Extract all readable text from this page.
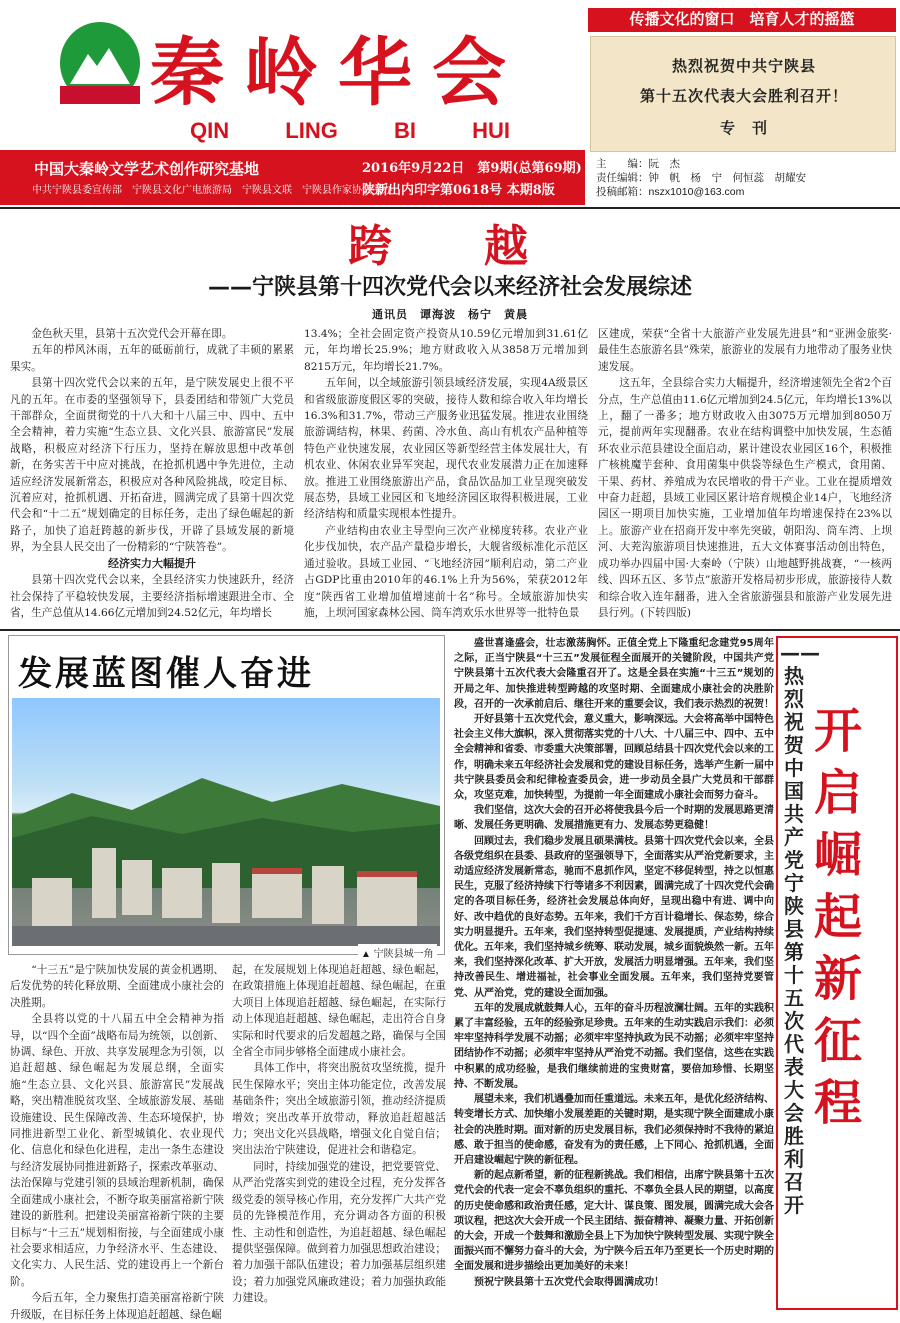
秦岭华会
QIN	LING	BI	HUI
中国大秦岭文学艺术创作研究基地
中共宁陕县委宣传部　宁陕县文化广电旅游局　宁陕县文联　宁陕县作家协会主办
2016年9月22日　第9期(总第69期)
陕新出内印字第0618号 本期8版
传播文化的窗口　培育人才的摇篮
热烈祝贺中共宁陕县
第十五次代表大会胜利召开！
专　刊
主　　编：阮　杰
责任编辑：钟　帆　杨　宁　何恒蕊　胡耀安
投稿邮箱：nszx1010@163.com
跨　越
——宁陕县第十四次党代会以来经济社会发展综述
通讯员　谭海波　杨宁　黄晨

金色秋天里，县第十五次党代会开幕在即。

五年的栉风沐雨，五年的砥砺前行，成就了丰硕的累累果实。

县第十四次党代会以来的五年，是宁陕发展史上很不平凡的五年。在市委的坚强领导下，县委团结和带领广大党员干部群众，全面贯彻党的十八大和十八届三中、四中、五中全会精神，着力实施“生态立县、文化兴县、旅游富民”发展战略，积极应对经济下行压力，坚持在解放思想中改革创新，在务实苦干中应对挑战，在抢抓机遇中争先进位，主动适应经济发展新常态，积极应对各种风险挑战，咬定目标、沉着应对，抢抓机遇、开拓奋进，圆满完成了县第十四次党代会和“十二五”规划确定的目标任务，走出了绿色崛起的新路子，加快了追赶跨越的新步伐，开辟了县域发展的新境界，为全县人民交出了一份精彩的“宁陕答卷”。

经济实力大幅提升

县第十四次党代会以来，全县经济实力快速跃升，经济社会保持了平稳较快发展，主要经济指标增速跟进全市、全省，生产总值从14.66亿元增加到24.52亿元，年均增长

13.4%；全社会固定资产投资从10.59亿元增加到31.61亿元，年均增长25.9%；地方财政收入从3858万元增加到8215万元，年均增长21.7%。

五年间，以全域旅游引领县域经济发展，实现4A级景区和省级旅游度假区零的突破，接待人数和综合收入年均增长16.3%和31.7%，带动三产服务业迅猛发展。推进农业围绕旅游调结构，林果、药菌、冷水鱼、高山有机农产品种植等特色产业快速发展，农业园区等新型经营主体发展壮大，有机农业、休闲农业异军突起，现代农业发展潜力正在加速释放。推进工业围绕旅游出产品，食品饮品加工业呈现突破发展态势，县域工业园区和飞地经济园区取得积极进展，工业经济结构和质量实现根本性提升。

产业结构由农业主导型向三次产业梯度转移。农业产业化步伐加快，农产品产量稳步增长，大舰省级标准化示范区通过验收。县域工业园、“飞地经济园”顺利启动，第二产业占GDP比重由2010年的46.1%上升为56%，荣获2012年度“陕西省工业增加值增速前十名”称号。全域旅游加快实施，上坝河国家森林公园、筒车湾欢乐水世界等一批特色景

区建成，荣获“全省十大旅游产业发展先进县”和“亚洲金旅奖·最佳生态旅游名县”殊荣，旅游业的发展有力地带动了服务业快速发展。

这五年，全县综合实力大幅提升，经济增速领先全省2个百分点，生产总值由11.6亿元增加到24.5亿元，年均增长13%以上，翻了一番多；地方财政收入由3075万元增加到8050万元，提前两年实现翻番。农业在结构调整中加快发展，生态循环农业示范县建设全面启动，累计建设农业园区16个，积极推广核桃魔芋套种、食用菌集中供袋等绿色生产模式，食用菌、干果、药材、养殖成为农民增收的骨干产业。工业在提质增效中奋力赶超，县域工业园区累计培育规模企业14户，飞地经济园区一期项目加快实施，工业增加值年均增速保持在23%以上。旅游产业在招商开发中率先突破，朝阳沟、筒车湾、上坝河、大茺沟旅游项目快速推进，五大文体赛事活动创出特色，成功举办四届中国·大秦岭（宁陕）山地越野挑战赛，“一核两线、四环五区、多节点”旅游开发格局初步形成，旅游接待人数和综合收入连年翻番，进入全省旅游强县和旅游产业发展先进县行列。(下转四版)

发展蓝图催人奋进
▲ 宁陕县城一角

“十三五”是宁陕加快发展的黄金机遇期、后发优势的转化释放期、全面建成小康社会的决胜期。

全县将以党的十八届五中全会精神为指导，以“四个全面”战略布局为统领，以创新、协调、绿色、开放、共享发展理念为引领，以追赶超越、绿色崛起为发展总纲，全面实施“生态立县、文化兴县、旅游富民”发展战略，突出精准脱贫攻坚、全域旅游发展、基础设施建设、民生保障改善、生态环境保护，协同推进新型工业化、新型城镇化、农业现代化、信息化和绿色化进程，走出一条生态建设与经济发展协同推进新路子，探索改革驱动、法治保障与党建引领的县域治理新机制，确保全面建成小康社会，不断夺取美丽富裕新宁陕建设的新胜利。把建设美丽富裕新宁陕的主要目标与“十三五”规划相衔接，与全面建成小康社会要求相适应，力争经济水平、生态建设、文化实力、人民生活、党的建设再上一个新台阶。

今后五年，全力聚焦打造美丽富裕新宁陕升级版，在目标任务上体现追赶超越、绿色崛

起，在发展规划上体现追赶超越、绿色崛起，在政策措施上体现追赶超越、绿色崛起，在重大项目上体现追赶超越、绿色崛起，在实际行动上体现追赶超越、绿色崛起，走出符合自身实际和时代要求的后发超越之路，确保与全国全省全市同步够格全面建成小康社会。

具体工作中，将突出脱贫攻坚统揽，提升民生保障水平；突出主体功能定位，改善发展基础条件；突出全域旅游引领，推动经济提质增效；突出改革开放带动，释放追赶超越活力；突出文化兴县战略，增强文化自觉自信；突出法治宁陕建设，促进社会和谐稳定。

同时，持续加强党的建设，把党要管党、从严治党落实到党的建设全过程，充分发挥各级党委的领导核心作用，充分发挥广大共产党员的先锋模范作用，充分调动各方面的积极性、主动性和创造性，为追赶超越、绿色崛起提供坚强保障。做到着力加强思想政治建设；着力加强干部队伍建设；着力加强基层组织建设；着力加强党风廉政建设；着力加强执政能力建设。

盛世喜逢盛会，壮志激荡胸怀。正值全党上下隆重纪念建党95周年之际，正当宁陕县“十三五”发展征程全面展开的关键阶段，中国共产党宁陕县第十五次代表大会隆重召开了。这是全县在实施“十三五”规划的开局之年、加快推进转型跨越的攻坚时期、全面建成小康社会的决胜阶段，召开的一次承前启后、继往开来的重要会议，我们表示热烈的祝贺！

开好县第十五次党代会，意义重大，影响深远。大会将高举中国特色社会主义伟大旗帜，深入贯彻落实党的十八大、十八届三中、四中、五中全会精神和省委、市委重大决策部署，回顾总结县十四次党代会以来的工作，明确未来五年经济社会发展和党的建设目标任务，选举产生新一届中共宁陕县委员会和纪律检查委员会，进一步动员全县广大党员和干部群众，攻坚克难，加快转型，为提前一年全面建成小康社会而努力奋斗。

我们坚信，这次大会的召开必将使我县今后一个时期的发展思路更清晰、发展任务更明确、发展措施更有力、发展态势更稳健！

回顾过去，我们稳步发展且硕果满枝。县第十四次党代会以来，全县各级党组织在县委、县政府的坚强领导下，全面落实从严治党新要求，主动适应经济发展新常态，驰而不息抓作风，坚定不移促转型，持之以恒惠民生，克服了经济持续下行等诸多不利因素，圆满完成了十四次党代会确定的各项目标任务，经济社会发展总体向好，呈现出稳中有进、调中向好、改中趋优的良好态势。五年来，我们千方百计稳增长、保态势，综合实力明显提升。五年来，我们坚持转型促提速、发展提质，产业结构持续优化。五年来，我们坚持城乡统筹、联动发展，城乡面貌焕然一新。五年来，我们坚持深化改革、扩大开放，发展活力明显增强。五年来，我们坚持改善民生、增进福祉，社会事业全面发展。五年来，我们坚持党要管党、从严治党，党的建设全面加强。

五年的发展成就鼓舞人心，五年的奋斗历程波澜壮阔。五年的实践积累了丰富经验，五年的经验弥足珍贵。五年来的生动实践启示我们：必须牢牢坚持科学发展不动摇；必须牢牢坚持执政为民不动摇；必须牢牢坚持团结协作不动摇；必须牢牢坚持从严治党不动摇。我们坚信，这些在实践中积累的成功经验，是我们继续前进的宝贵财富，要倍加珍惜、长期坚持、不断发展。

展望未来，我们机遇叠加而任重道远。未来五年，是优化经济结构、转变增长方式、加快缩小发展差距的关键时期，是实现宁陕全面建成小康社会的决胜时期。面对新的历史发展目标，我们必须保持时不我待的紧迫感、敢于担当的使命感，奋发有为的责任感，上下同心、抢抓机遇，全面开启建设崛起宁陕的新征程。

新的起点新希望，新的征程新挑战。我们相信，出席宁陕县第十五次党代会的代表一定会不辜负组织的重托、不辜负全县人民的期望，以高度的历史使命感和政治责任感，定大计、谋良策、图发展，圆满完成大会各项议程，把这次大会开成一个民主团结、振奋精神、凝聚力量、开拓创新的大会，开成一个鼓舞和激励全县上下为加快宁陕转型发展、实现宁陕全面振兴而不懈努力奋斗的大会，为宁陕今后五年乃至更长一个历史时期的全面发展和进步描绘出更加美好的未来！

预祝宁陕县第十五次党代会取得圆满成功！

——热烈祝贺中国共产党宁陕县第十五次代表大会胜利召开
开启崛起新征程
